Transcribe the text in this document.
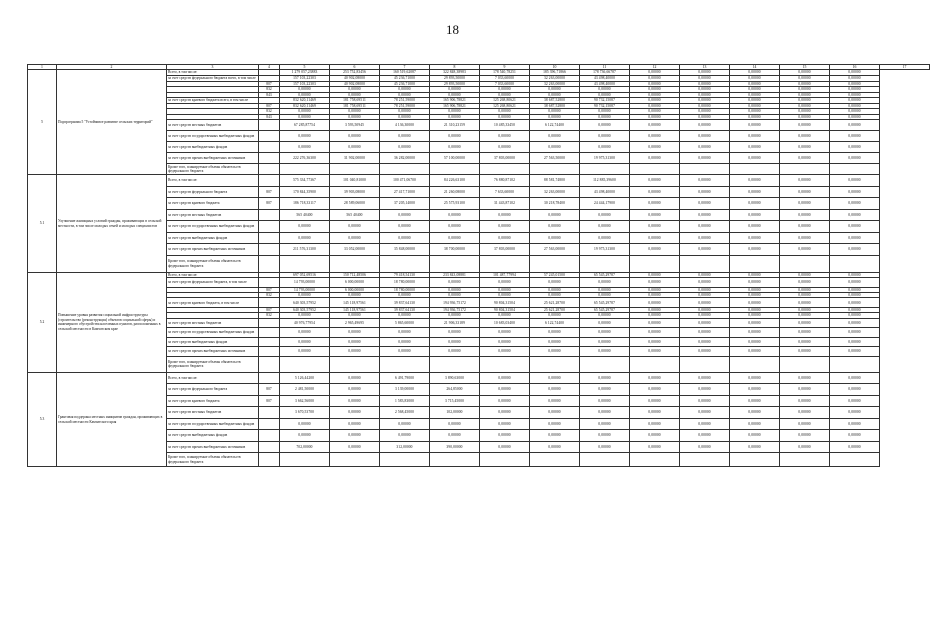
18
1	2	3	4	5	6	7	8	9	10	11	12	13	14	15	16	17
5	Подпрограмма 5 "Устойчивое развитие сельских территорий"	Всего, в том числе:		1 279 057,23883	253 752,83456	160 519,62087	322 848,38983	178 540,78251	185 396,71866	178 736,66787	0,00000	0,00000	0,00000	0,00000	0,00000	
		за счет средств федерального бюджета всего, в том числе		157 103,22303	40 902,08000	45 236,71000	29 893,50000	7 033,60000	32 263,00000	43 498,40000	0,00000	0,00000	0,00000	0,00000	0,00000	
			807	157 103,22303	40 902,08000	45 236,71000	29 893,50000	7 033,60000	32 263,00000	43 498,40000	0,00000	0,00000	0,00000	0,00000	0,00000	
			832	0,00000	0,00000	0,00000	0,00000	0,00000	0,00000	0,00000	0,00000	0,00000	0,00000	0,00000	0,00000	
			843	0,00000	0,00000	0,00000	0,00000	0,00000	0,00000	0,00000	0,00000	0,00000	0,00000	0,00000	0,00000	
		за счет средств краевого бюджета всего, в том числе		832 620,11469	181 758,69511	78 251,59000	165 906,78821	125 268,80621	38 687,52800	90 732,15087	0,00000	0,00000	0,00000	0,00000	0,00000	
			807	832 620,11469	181 758,69511	78 251,59000	165 906,78821	125 268,80621	38 687,52800	90 732,15087	0,00000	0,00000	0,00000	0,00000	0,00000	
			832	0,00000	0,00000	0,00000	0,00000	0,00000	0,00000	0,00000	0,00000	0,00000	0,00000	0,00000	0,00000	
			843	0,00000	0,00000	0,00000	0,00000	0,00000	0,00000	0,00000	0,00000	0,00000	0,00000	0,00000	0,00000	
		за счет средств местных бюджетов		67 285,87754	3 593,50945	4 136,30000	21 310,23159	10 485,33450	6 122,74400	0,00000	0,00000	0,00000	0,00000	0,00000	0,00000	
		за счет средств государственных внебюджетных фондов		0,00000	0,00000	0,00000	0,00000	0,00000	0,00000	0,00000	0,00000	0,00000	0,00000	0,00000	0,00000	
		за счет средств внебюджетных фондов		0,00000	0,00000	0,00000	0,00000	0,00000	0,00000	0,00000	0,00000	0,00000	0,00000	0,00000	0,00000	
		за счет средств прочих внебюджетных источников		222 276,36300	31 902,00000	36 282,00000	57 100,00000	37 803,00000	27 563,50000	19 975,31300	0,00000	0,00000	0,00000	0,00000	0,00000	
		Кроме того, планируемые объемы обязательств федерального бюджета														
5.1	Улучшение жилищных условий граждан, проживающих в сельской местности, в том числе молодых семей и молодых специалистов	Всего, в том числе:		575 334,77367	101 040,81000	100 471,06700	84 226,63100	76 880,87102	88 581,74800	112 885,39600	0,00000	0,00000	0,00000	0,00000	0,00000	
		за счет средств федерального бюджета	807	170 844,35900	39 903,08000	27 417,71000	21 260,08000	7 633,60000	32 263,00000	43 498,40000	0,00000	0,00000	0,00000	0,00000	0,00000	
		за счет средств краевого бюджета	807	186 718,33117	28 589,06000	37 205,14000	25 575,93100	31 443,87102	30 218,78400	24 444,17900	0,00000	0,00000	0,00000	0,00000	0,00000	
		за счет средств местных бюджетов		565 40400	565 40400	0,00000	0,00000	0,00000	0,00000	0,00000	0,00000	0,00000	0,00000	0,00000	0,00000	
		за счет средств государственных внебюджетных фондов		0,00000	0,00000	0,00000	0,00000	0,00000	0,00000	0,00000	0,00000	0,00000	0,00000	0,00000	0,00000	
		за счет средств внебюджетных фондов		0,00000	0,00000	0,00000	0,00000	0,00000	0,00000	0,00000	0,00000	0,00000	0,00000	0,00000	0,00000	
		за счет средств прочих внебюджетных источников		211 576,31300	33 052,00000	35 848,00000	38 700,00000	37 803,00000	27 563,00000	19 975,31300	0,00000	0,00000	0,00000	0,00000	0,00000	
		Кроме того, планируемые объемы обязательств федерального бюджета														
5.2	Повышение уровня развития социальной инфраструктуры (строительство (реконструкция) объектов социальной сферы) и инженерного обустройства населенных пунктов, расположенных в сельской местности в Камчатском крае	Всего, в том числе:		697 052,69516	150 712,48506	79 418,54130	233 843,08881	101 487,77994	57 245,01500	65 545,29787	0,00000	0,00000	0,00000	0,00000	0,00000	
		за счет средств федерального бюджета, в том числе		14 793,00000	6 000,00000	18 780,00000	0,00000	0,00000	0,00000	0,00000	0,00000	0,00000	0,00000	0,00000	0,00000	
			807	14 793,00000	6 000,00000	18 780,00000	0,00000	0,00000	0,00000	0,00000	0,00000	0,00000	0,00000	0,00000	0,00000	
			832	0,00000	0,00000	0,00000	0,00000	0,00000	0,00000	0,00000	0,00000	0,00000	0,00000	0,00000	0,00000	
		за счет средств краевого бюджета, в том числе		640 303,57952	145 118,97561	39 837,64130	194 936,75172	90 804,31504	25 621,28700	65 545,29787	0,00000	0,00000	0,00000	0,00000	0,00000	
			807	640 303,57952	145 118,97561	39 837,64130	194 936,75172	90 804,31504	25 621,28700	65 545,29787	0,00000	0,00000	0,00000	0,00000	0,00000	
			832	0,00000	0,00000	0,00000	0,00000	0,00000	0,00000	0,00000	0,00000	0,00000	0,00000	0,00000	0,00000	
		за счет средств местных бюджетов		40 976,77954	2 965,49695	5 865,60000	21 906,33189	10 683,03400	6 122,74400	0,00000	0,00000	0,00000	0,00000	0,00000	0,00000	
		за счет средств государственных внебюджетных фондов		0,00000	0,00000	0,00000	0,00000	0,00000	0,00000	0,00000	0,00000	0,00000	0,00000	0,00000	0,00000	
		за счет средств внебюджетных фондов		0,00000	0,00000	0,00000	0,00000	0,00000	0,00000	0,00000	0,00000	0,00000	0,00000	0,00000	0,00000	
		за счет средств прочих внебюджетных источников		0,00000	0,00000	0,00000	0,00000	0,00000	0,00000	0,00000	0,00000	0,00000	0,00000	0,00000	0,00000	
		Кроме того, планируемые объемы обязательств федерального бюджета														
5.3	Грантовая поддержка местных инициатив граждан, проживающих в сельской местности Камчатского края	Всего, в том числе:		5 126,44200	0,00000	6 491,79000	3 890,63000	0,00000	0,00000	0,00000	0,00000	0,00000	0,00000	0,00000	0,00000	
		за счет средств федерального бюджета	807	2 481,50000	0,00000	3 139,00000	264,85000	0,00000	0,00000	0,00000	0,00000	0,00000	0,00000	0,00000	0,00000	
		за счет средств краевого бюджета	807	3 662,56000	0,00000	1 583,83000	3 715,45000	0,00000	0,00000	0,00000	0,00000	0,00000	0,00000	0,00000	0,00000	
		за счет средств местных бюджетов		3 670,53700	0,00000	2 568,45000	102,00000	0,00000	0,00000	0,00000	0,00000	0,00000	0,00000	0,00000	0,00000	
		за счет средств государственных внебюджетных фондов		0,00000	0,00000	0,00000	0,00000	0,00000	0,00000	0,00000	0,00000	0,00000	0,00000	0,00000	0,00000	
		за счет средств внебюджетных фондов		0,00000	0,00000	0,00000	0,00000	0,00000	0,00000	0,00000	0,00000	0,00000	0,00000	0,00000	0,00000	
		за счет средств прочих внебюджетных источников		702,00000	0,00000	312,00000	390,00000	0,00000	0,00000	0,00000	0,00000	0,00000	0,00000	0,00000	0,00000	
		Кроме того, планируемые объемы обязательств федерального бюджета														
